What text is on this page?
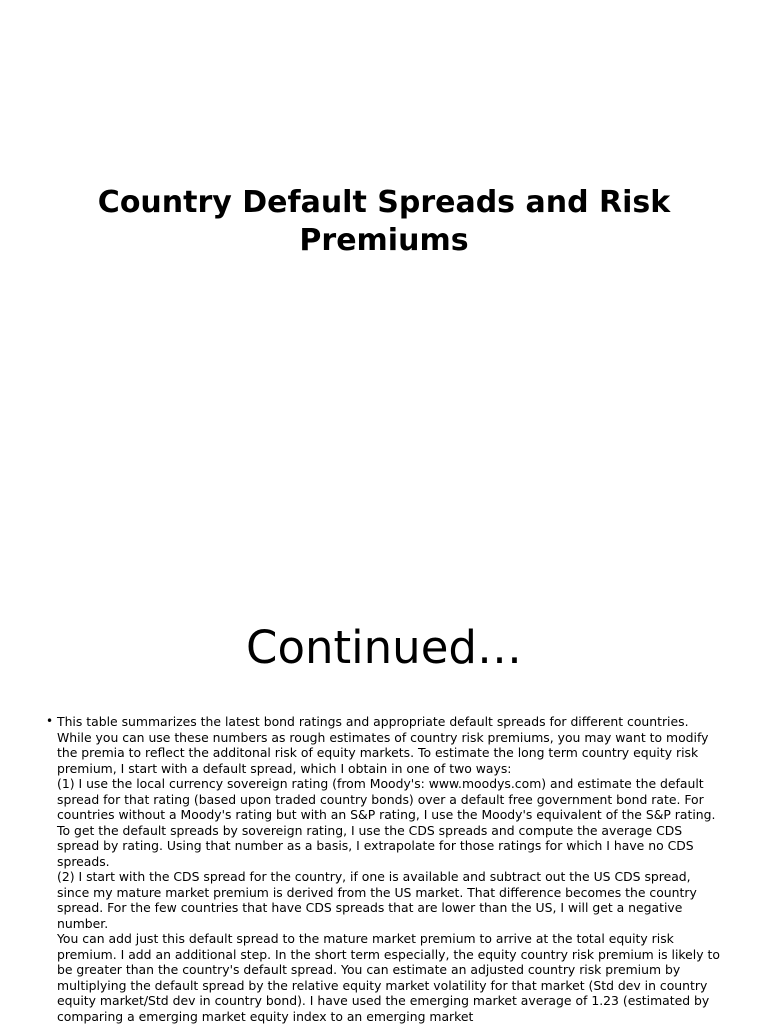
Country Default Spreads and Risk Premiums
Continued…
• This table summarizes the latest bond ratings and appropriate default spreads for different countries. While you can use these numbers as rough estimates of country risk premiums, you may want to modify the premia to reflect the additonal risk of equity markets. To estimate the long term country equity risk premium, I start with a default spread, which I obtain in one of two ways:
(1) I use the local currency sovereign rating (from Moody's: www.moodys.com) and estimate the default spread for that rating (based upon traded country bonds) over a default free government bond rate. For countries without a Moody's rating but with an S&P rating, I use the Moody's equivalent of the S&P rating. To get the default spreads by sovereign rating, I use the CDS spreads and compute the average CDS spread by rating. Using that number as a basis, I extrapolate for those ratings for which I have no CDS spreads.
(2) I start with the CDS spread for the country, if one is available and subtract out the US CDS spread, since my mature market premium is derived from the US market. That difference becomes the country spread. For the few countries that have CDS spreads that are lower than the US, I will get a negative number.
You can add just this default spread to the mature market premium to arrive at the total equity risk premium. I add an additional step. In the short term especially, the equity country risk premium is likely to be greater than the country's default spread. You can estimate an adjusted country risk premium by multiplying the default spread by the relative equity market volatility for that market (Std dev in country equity market/Std dev in country bond). I have used the emerging market average of 1.23 (estimated by comparing a emerging market equity index to an emerging market
